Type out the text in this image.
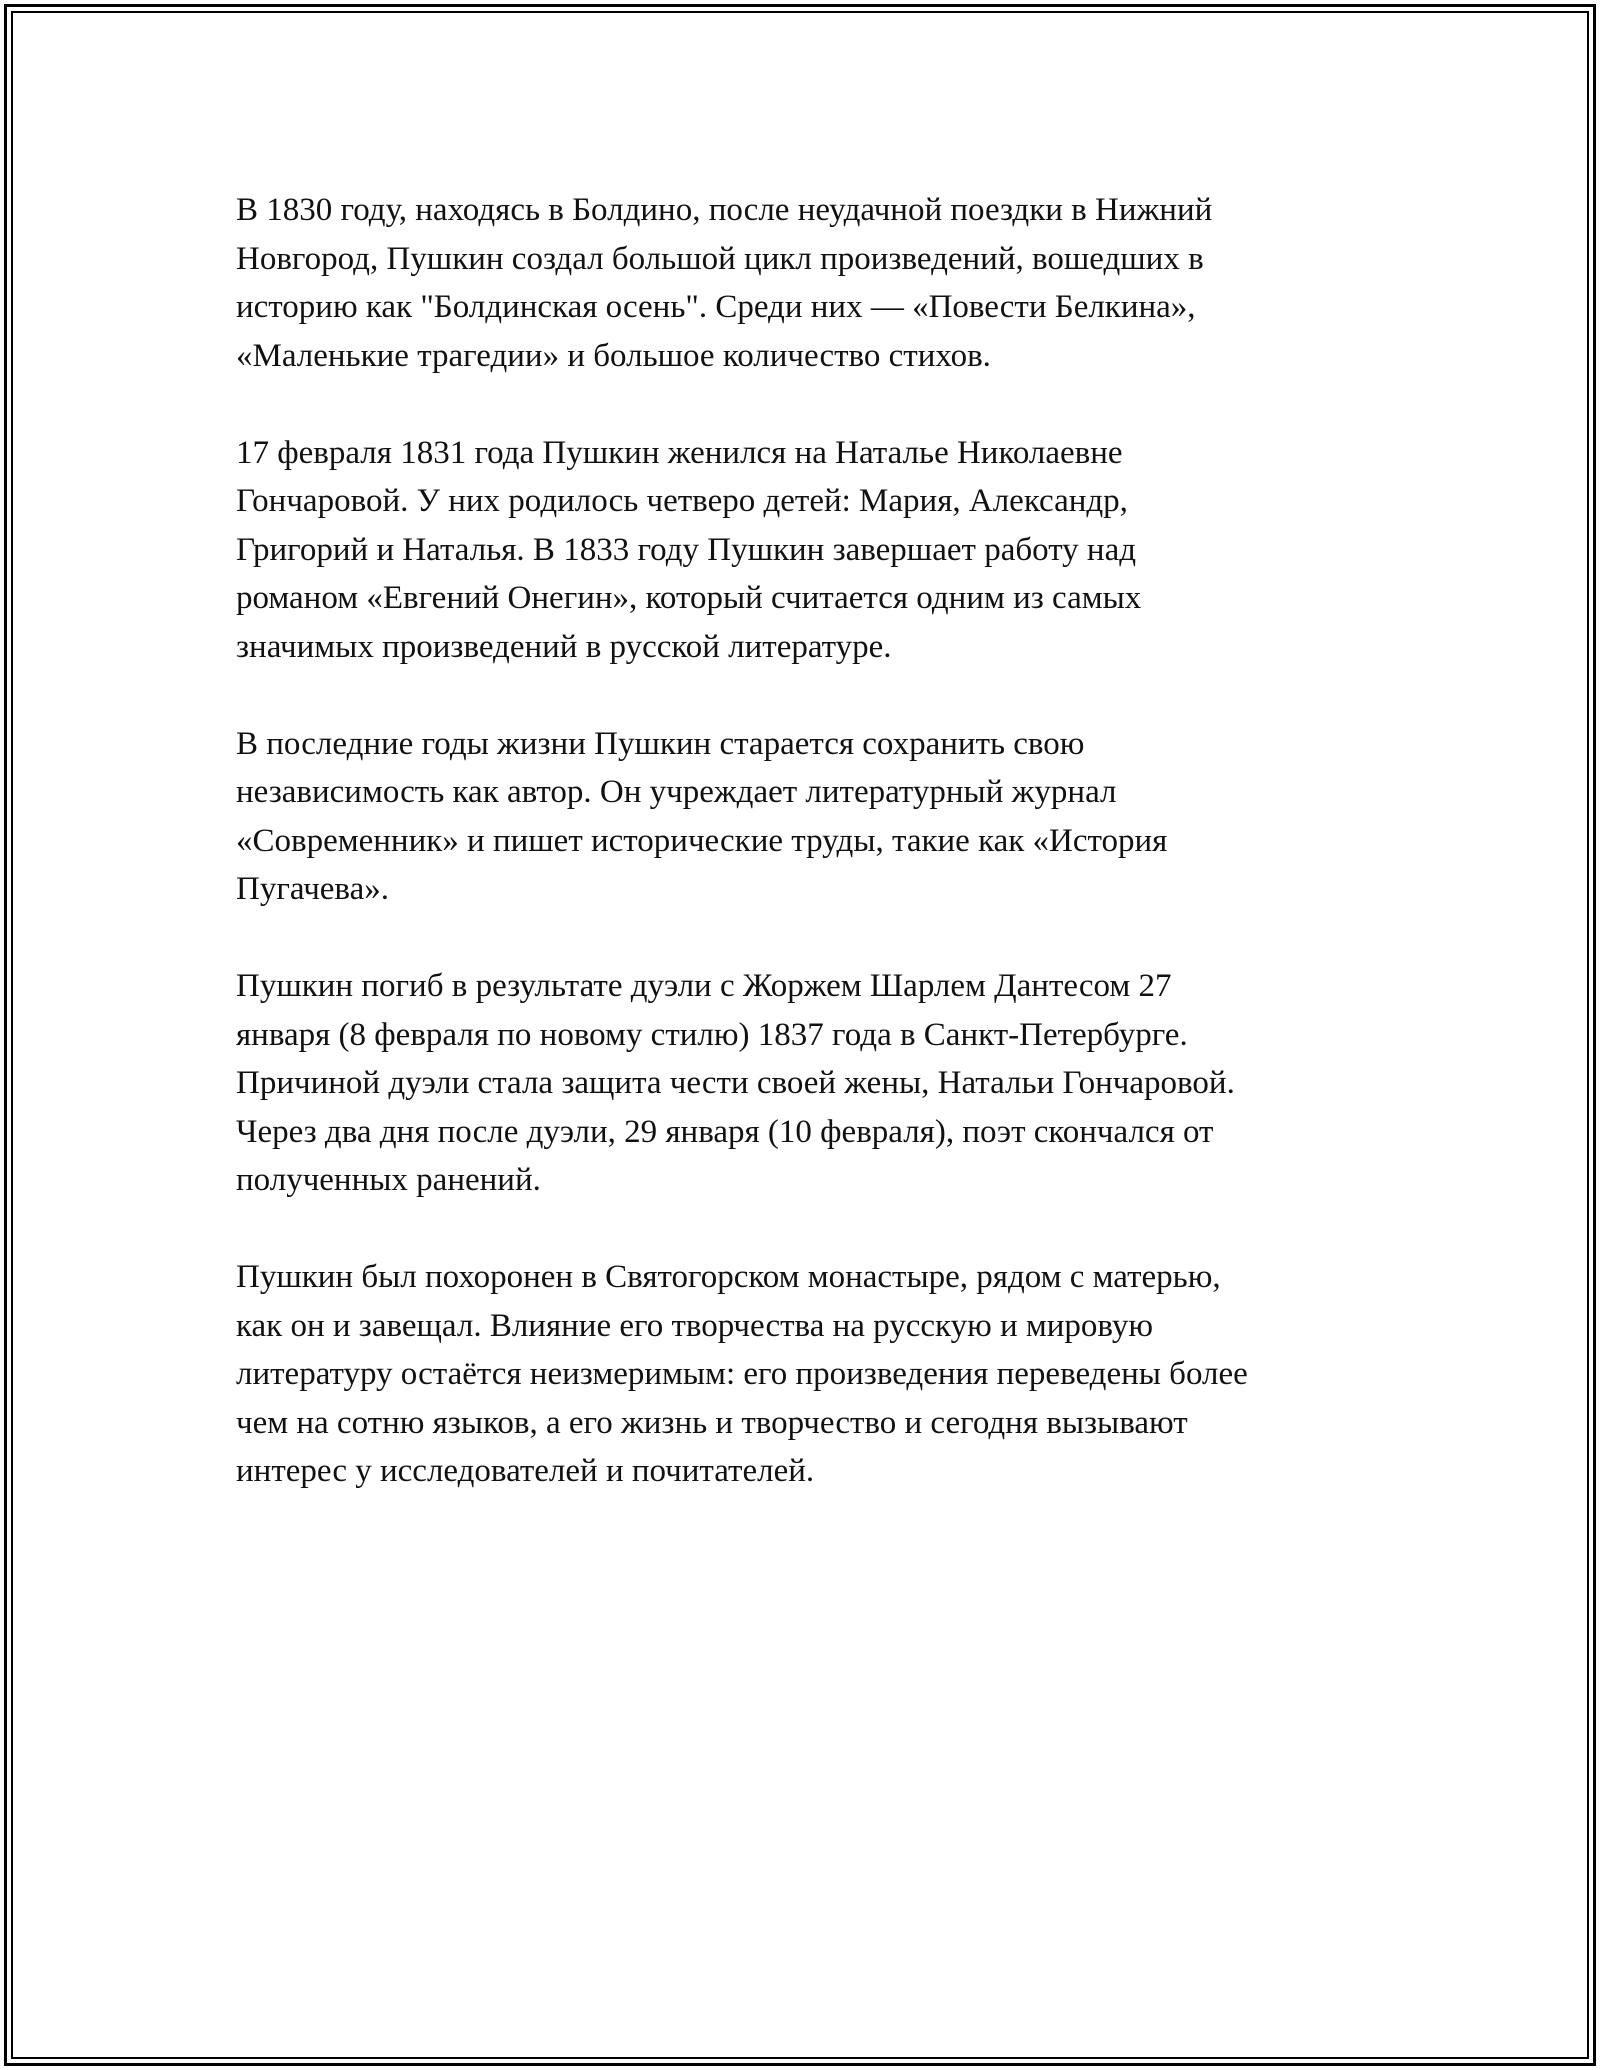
В 1830 году, находясь в Болдино, после неудачной поездки в Нижний
Новгород, Пушкин создал большой цикл произведений, вошедших в
историю как "Болдинская осень". Среди них — «Повести Белкина»,
«Маленькие трагедии» и большое количество стихов.

17 февраля 1831 года Пушкин женился на Наталье Николаевне
Гончаровой. У них родилось четверо детей: Мария, Александр,
Григорий и Наталья. В 1833 году Пушкин завершает работу над
романом «Евгений Онегин», который считается одним из самых
значимых произведений в русской литературе.

В последние годы жизни Пушкин старается сохранить свою
независимость как автор. Он учреждает литературный журнал
«Современник» и пишет исторические труды, такие как «История
Пугачева».

Пушкин погиб в результате дуэли с Жоржем Шарлем Дантесом 27
января (8 февраля по новому стилю) 1837 года в Санкт-Петербурге.
Причиной дуэли стала защита чести своей жены, Натальи Гончаровой.
Через два дня после дуэли, 29 января (10 февраля), поэт скончался от
полученных ранений.

Пушкин был похоронен в Святогорском монастыре, рядом с матерью,
как он и завещал. Влияние его творчества на русскую и мировую
литературу остаётся неизмеримым: его произведения переведены более
чем на сотню языков, а его жизнь и творчество и сегодня вызывают
интерес у исследователей и почитателей.
